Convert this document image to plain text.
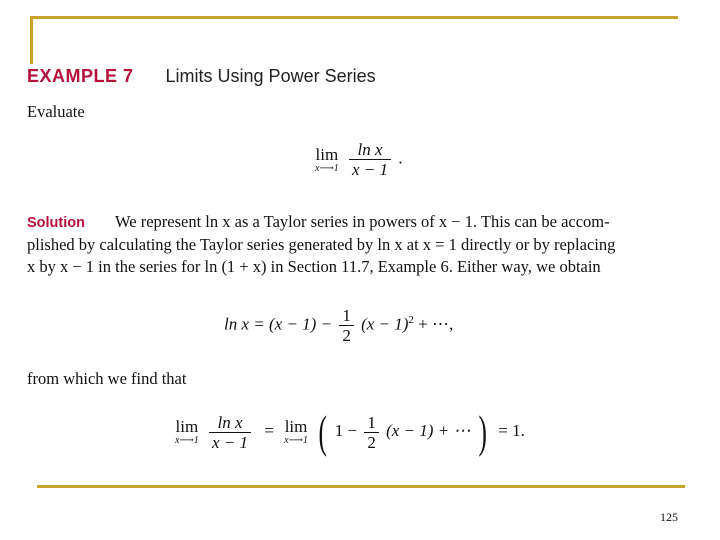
EXAMPLE 7 Limits Using Power Series
Evaluate
lim
x⟶1
$\frac{\text{ln x}}{x - 1}$ .
Solution We represent ln x as a Taylor series in powers of x − 1. This can be accom-
plished by calculating the Taylor series generated by ln x at x = 1 directly or by replacing
x by x − 1 in the series for ln (1 + x) in Section 11.7, Example 6. Either way, we obtain
$\ln x = (x - 1) - \frac{1}{2} (x - 1)^2$ + ⋯,
from which we find that
lim
x⟶1
$\frac{\text{ln x}}{x - 1} = \lim$
x⟶1 ( $1 - \frac{1}{2} (x - 1)$ + ⋯ ) = 1.
125
